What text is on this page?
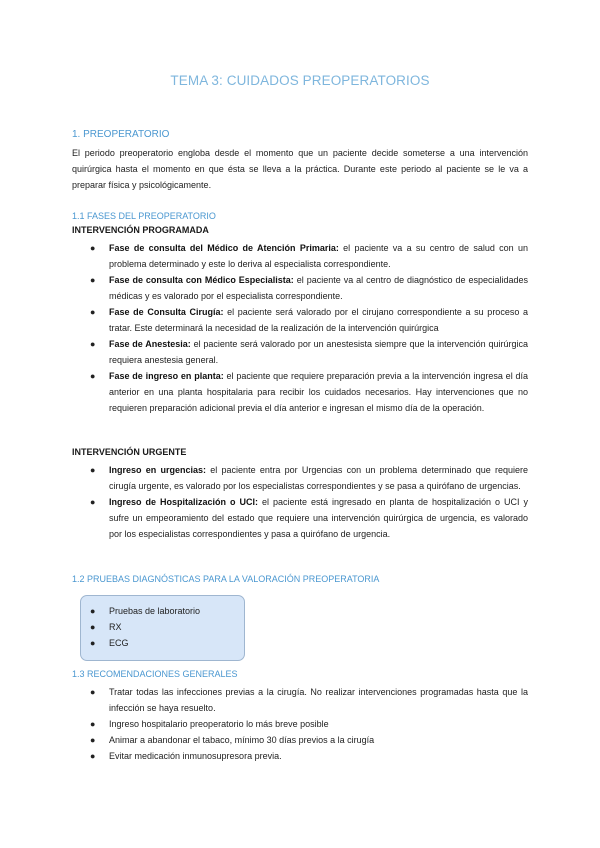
TEMA 3: CUIDADOS PREOPERATORIOS
1. PREOPERATORIO
El periodo preoperatorio engloba desde el momento que un paciente decide someterse a una intervención quirúrgica hasta el momento en que ésta se lleva a la práctica. Durante este periodo al paciente se le va a preparar física y psicológicamente.
1.1 FASES DEL PREOPERATORIO
INTERVENCIÓN PROGRAMADA
● Fase de consulta del Médico de Atención Primaria: el paciente va a su centro de salud con un problema determinado y este lo deriva al especialista correspondiente.
● Fase de consulta con Médico Especialista: el paciente va al centro de diagnóstico de especialidades médicas y es valorado por el especialista correspondiente.
● Fase de Consulta Cirugía: el paciente será valorado por el cirujano correspondiente a su proceso a tratar. Este determinará la necesidad de la realización de la intervención quirúrgica
● Fase de Anestesia: el paciente será valorado por un anestesista siempre que la intervención quirúrgica requiera anestesia general.
● Fase de ingreso en planta: el paciente que requiere preparación previa a la intervención ingresa el día anterior en una planta hospitalaria para recibir los cuidados necesarios. Hay intervenciones que no requieren preparación adicional previa el día anterior e ingresan el mismo día de la operación.
INTERVENCIÓN URGENTE
● Ingreso en urgencias: el paciente entra por Urgencias con un problema determinado que requiere cirugía urgente, es valorado por los especialistas correspondientes y se pasa a quirófano de urgencias.
● Ingreso de Hospitalización o UCI: el paciente está ingresado en planta de hospitalización o UCI y sufre un empeoramiento del estado que requiere una intervención quirúrgica de urgencia, es valorado por los especialistas correspondientes y pasa a quirófano de urgencia.
1.2 PRUEBAS DIAGNÓSTICAS PARA LA VALORACIÓN PREOPERATORIA
● Pruebas de laboratorio
● RX
● ECG
1.3 RECOMENDACIONES GENERALES
● Tratar todas las infecciones previas a la cirugía. No realizar intervenciones programadas hasta que la infección se haya resuelto.
● Ingreso hospitalario preoperatorio lo más breve posible
● Animar a abandonar el tabaco, mínimo 30 días previos a la cirugía
● Evitar medicación inmunosupresora previa.
